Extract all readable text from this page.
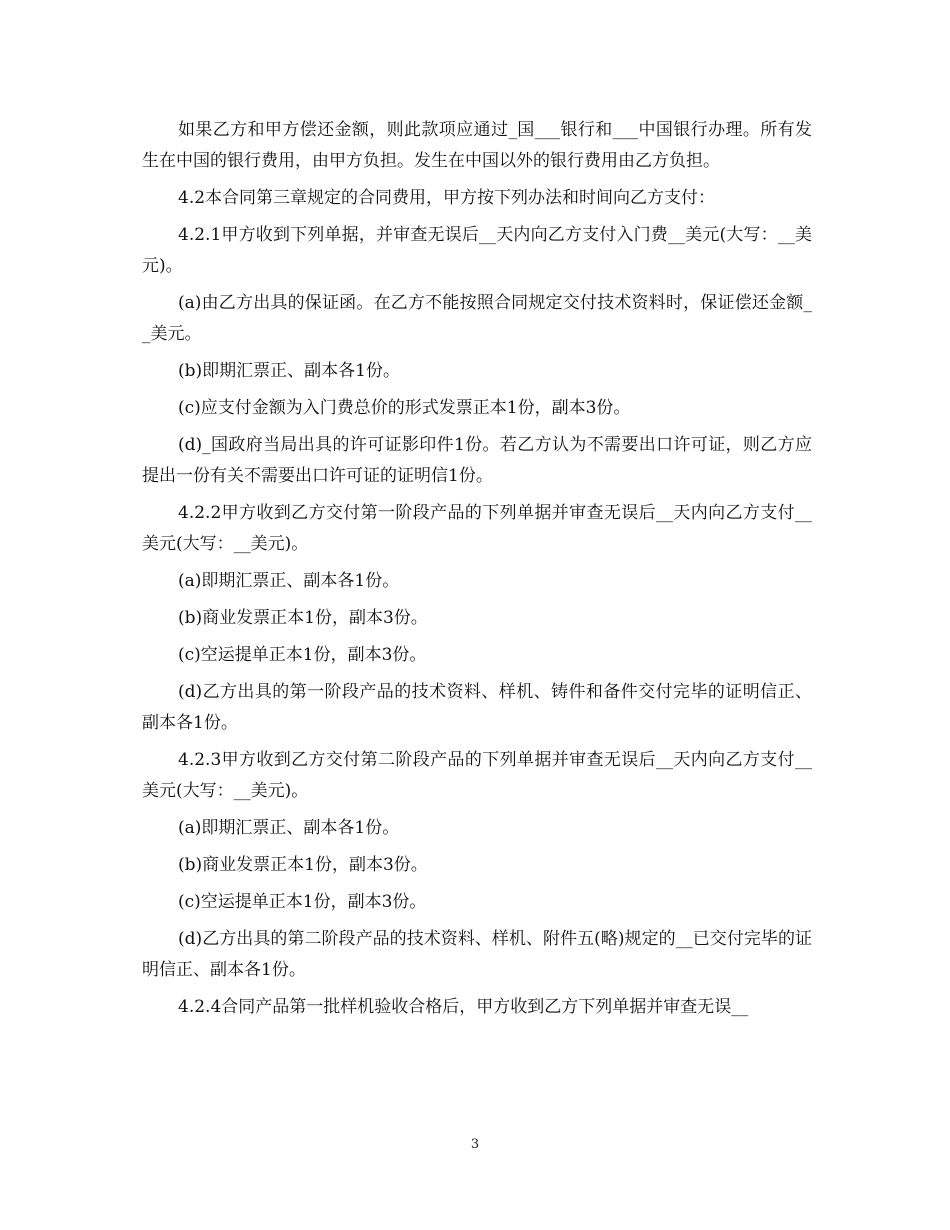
如果乙方和甲方偿还金额，则此款项应通过_国___银行和___中国银行办理。所有发生在中国的银行费用，由甲方负担。发生在中国以外的银行费用由乙方负担。

4.2本合同第三章规定的合同费用，甲方按下列办法和时间向乙方支付：

4.2.1甲方收到下列单据，并审查无误后__天内向乙方支付入门费__美元(大写：__美元)。

(a)由乙方出具的保证函。在乙方不能按照合同规定交付技术资料时，保证偿还金额__美元。

(b)即期汇票正、副本各1份。

(c)应支付金额为入门费总价的形式发票正本1份，副本3份。

(d)_国政府当局出具的许可证影印件1份。若乙方认为不需要出口许可证，则乙方应提出一份有关不需要出口许可证的证明信1份。

4.2.2甲方收到乙方交付第一阶段产品的下列单据并审查无误后__天内向乙方支付__美元(大写：__美元)。

(a)即期汇票正、副本各1份。

(b)商业发票正本1份，副本3份。

(c)空运提单正本1份，副本3份。

(d)乙方出具的第一阶段产品的技术资料、样机、铸件和备件交付完毕的证明信正、副本各1份。

4.2.3甲方收到乙方交付第二阶段产品的下列单据并审查无误后__天内向乙方支付__美元(大写：__美元)。

(a)即期汇票正、副本各1份。

(b)商业发票正本1份，副本3份。

(c)空运提单正本1份，副本3份。

(d)乙方出具的第二阶段产品的技术资料、样机、附件五(略)规定的__已交付完毕的证明信正、副本各1份。

4.2.4合同产品第一批样机验收合格后，甲方收到乙方下列单据并审查无误__

3
